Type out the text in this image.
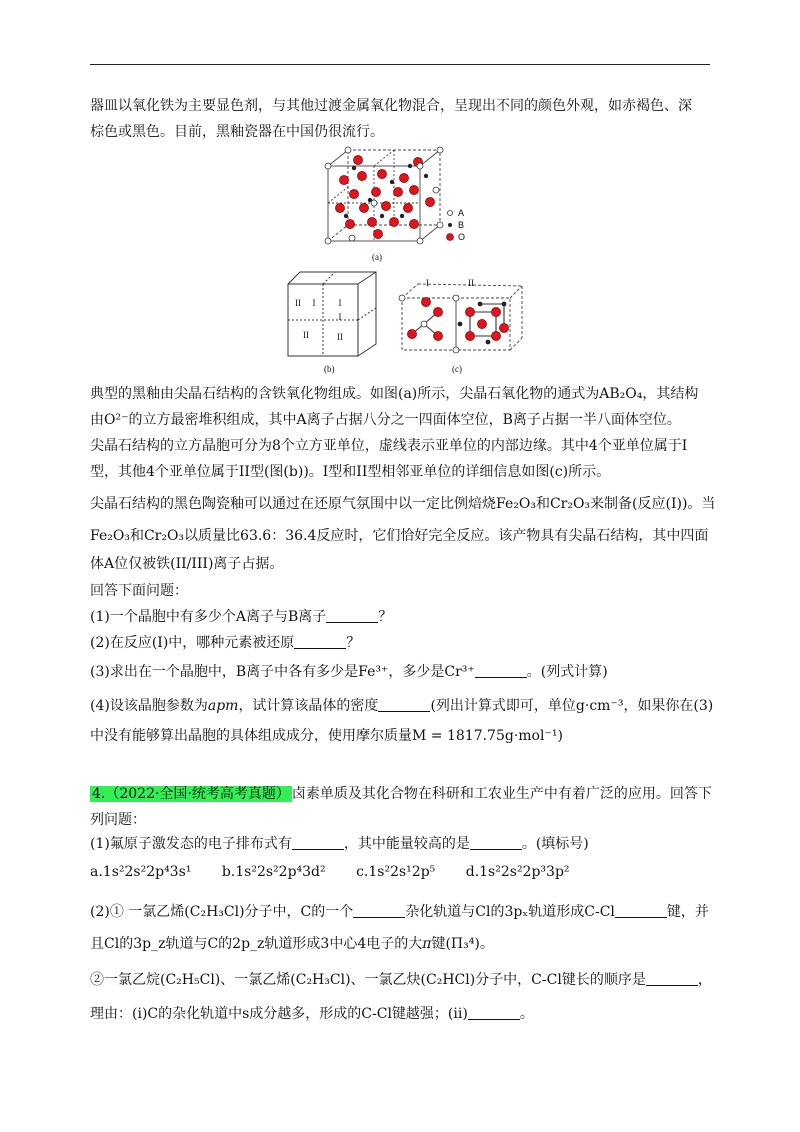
器皿以氧化铁为主要显色剂，与其他过渡金属氧化物混合，呈现出不同的颜色外观，如赤褐色、深
棕色或黑色。目前，黑釉瓷器在中国仍很流行。
A
B
O
(a)
II I
I
II
II
I
(b)
I	II
(c)
典型的黑釉由尖晶石结构的含铁氧化物组成。如图(a)所示，尖晶石氧化物的通式为AB₂O₄，其结构
由O²⁻的立方最密堆积组成，其中A离子占据八分之一四面体空位，B离子占据一半八面体空位。
尖晶石结构的立方晶胞可分为8个立方亚单位，虚线表示亚单位的内部边缘。其中4个亚单位属于I
型，其他4个亚单位属于II型(图(b))。I型和II型相邻亚单位的详细信息如图(c)所示。
尖晶石结构的黑色陶瓷釉可以通过在还原气氛围中以一定比例焙烧Fe₂O₃和Cr₂O₃来制备(反应(I))。当
Fe₂O₃和Cr₂O₃以质量比63.6：36.4反应时，它们恰好完全反应。该产物具有尖晶石结构，其中四面
体A位仅被铁(II/III)离子占据。
回答下面问题：
(1)一个晶胞中有多少个A离子与B离子	？
(2)在反应(I)中，哪种元素被还原	？
(3)求出在一个晶胞中，B离子中各有多少是Fe³⁺，多少是Cr³⁺	。(列式计算)
(4)设该晶胞参数为apm，试计算该晶体的密度	(列出计算式即可，单位g·cm⁻³，如果你在(3)
中没有能够算出晶胞的具体组成成分，使用摩尔质量M = 1817.75g·mol⁻¹)
4.（2022·全国·统考高考真题） 卤素单质及其化合物在科研和工农业生产中有着广泛的应用。回答下
列问题：
(1)氟原子激发态的电子排布式有	，其中能量较高的是	。(填标号)
a.1s²2s²2p⁴3s¹ b.1s²2s²2p⁴3d² c.1s²2s¹2p⁵ d.1s²2s²2p³3p²
(2)① 一氯乙烯(C₂H₃Cl)分子中，C的一个	杂化轨道与Cl的3pₓ轨道形成C-Cl	键，并
且Cl的3p_z轨道与C的2p_z轨道形成3中心4电子的大π键(Π₃⁴)。
②一氯乙烷(C₂H₅Cl)、一氯乙烯(C₂H₃Cl)、一氯乙炔(C₂HCl)分子中，C-Cl键长的顺序是	，
理由：(i)C的杂化轨道中s成分越多，形成的C-Cl键越强；(ii)	。
